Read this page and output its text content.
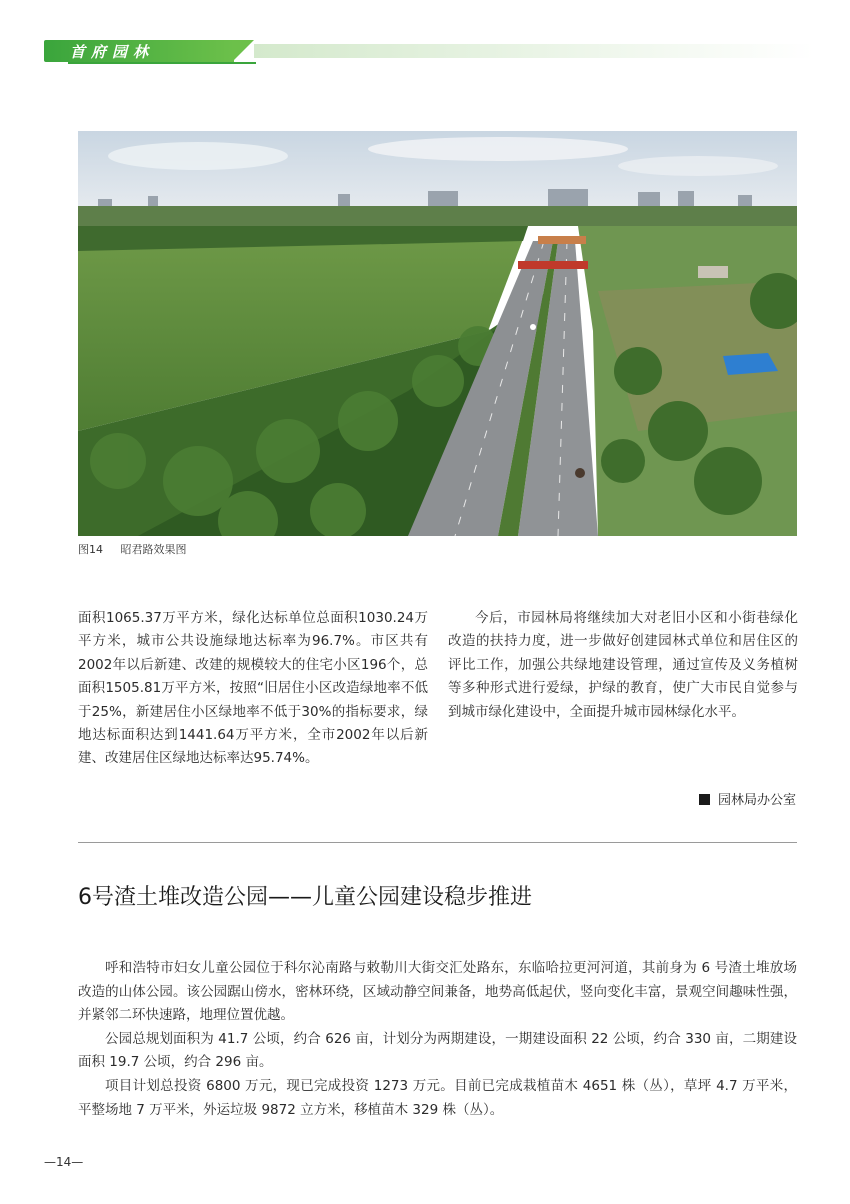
首府园林
图14 昭君路效果图

面积1065.37万平方米，绿化达标单位总面积1030.24万平方米，城市公共设施绿地达标率为96.7%。市区共有2002年以后新建、改建的规模较大的住宅小区196个，总面积1505.81万平方米，按照“旧居住小区改造绿地率不低于25%，新建居住小区绿地率不低于30%的指标要求，绿地达标面积达到1441.64万平方米，全市2002年以后新建、改建居住区绿地达标率达95.74%。

今后，市园林局将继续加大对老旧小区和小街巷绿化改造的扶持力度，进一步做好创建园林式单位和居住区的评比工作，加强公共绿地建设管理，通过宣传及义务植树等多种形式进行爱绿，护绿的教育，使广大市民自觉参与到城市绿化建设中，全面提升城市园林绿化水平。

园林局办公室
6号渣土堆改造公园——儿童公园建设稳步推进

呼和浩特市妇女儿童公园位于科尔沁南路与敕勒川大街交汇处路东，东临哈拉更河河道，其前身为 6 号渣土堆放场改造的山体公园。该公园踞山傍水，密林环绕，区域动静空间兼备，地势高低起伏，竖向变化丰富，景观空间趣味性强，并紧邻二环快速路，地理位置优越。

公园总规划面积为 41.7 公顷，约合 626 亩，计划分为两期建设，一期建设面积 22 公顷，约合 330 亩，二期建设面积 19.7 公顷，约合 296 亩。

项目计划总投资 6800 万元，现已完成投资 1273 万元。目前已完成栽植苗木 4651 株（丛），草坪 4.7 万平米，平整场地 7 万平米，外运垃圾 9872 立方米，移植苗木 329 株（丛）。

—14—
